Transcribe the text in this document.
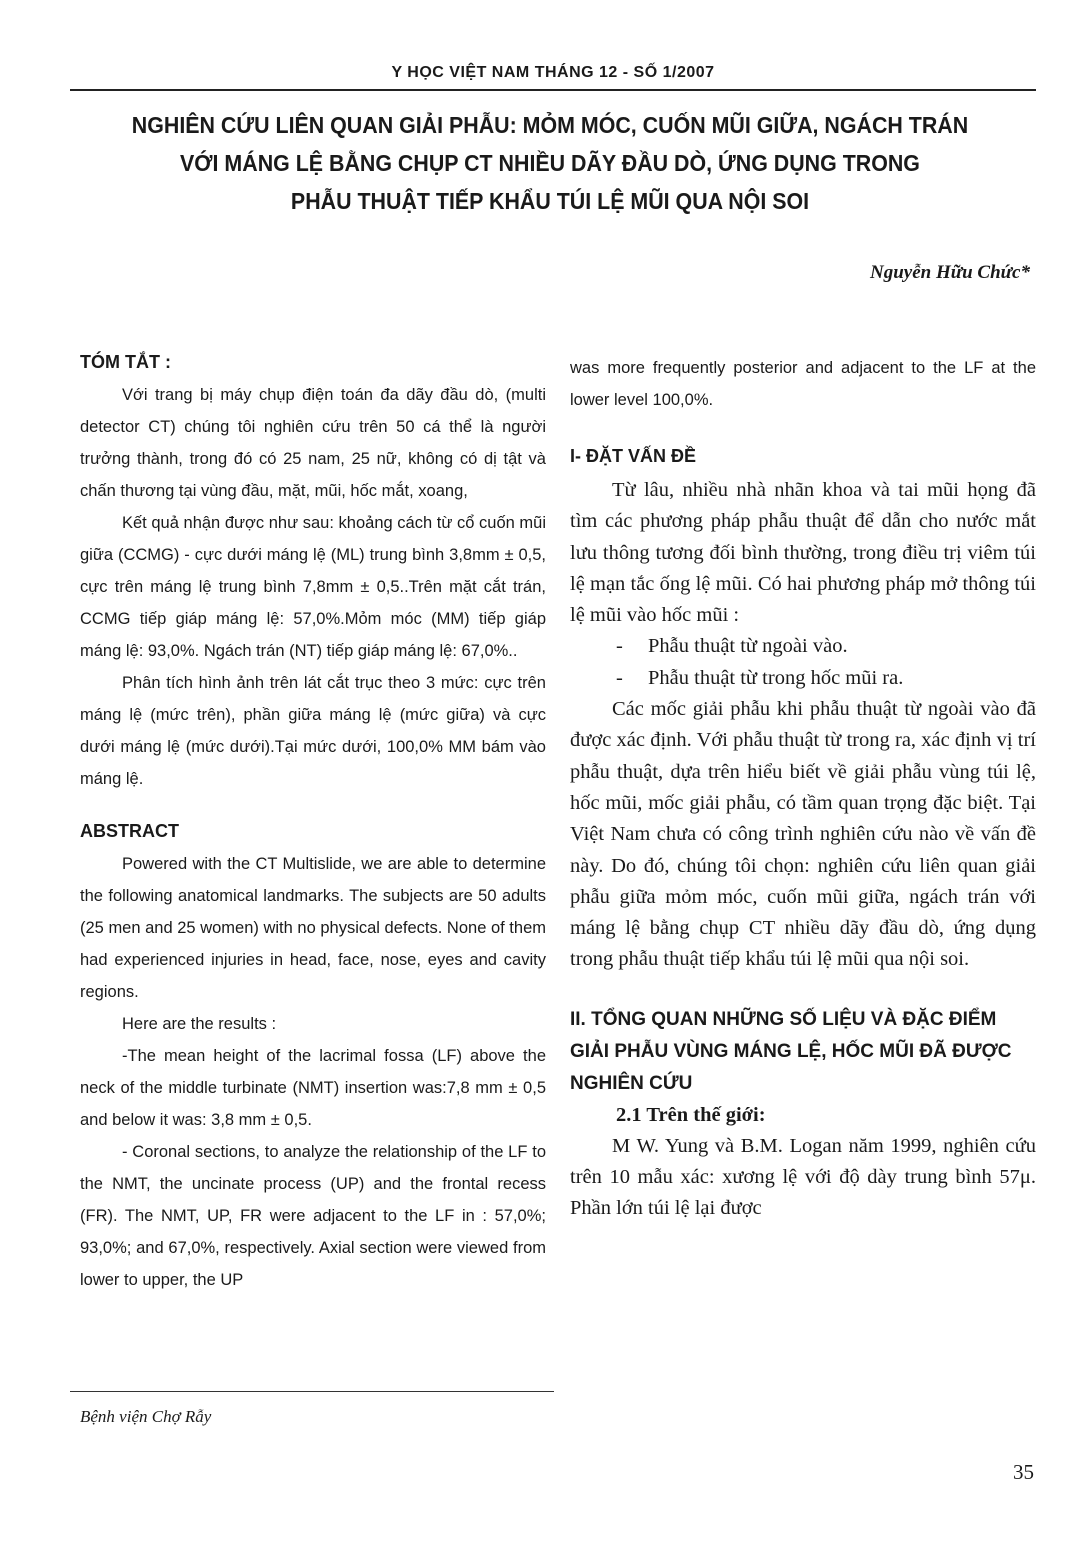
Y HỌC VIỆT NAM THÁNG 12 - SỐ 1/2007
NGHIÊN CỨU LIÊN QUAN GIẢI PHẪU: MỎM MÓC, CUỐN MŨI GIỮA, NGÁCH TRÁN
VỚI MÁNG LỆ BẰNG CHỤP CT NHIỀU DÃY ĐẦU DÒ, ỨNG DỤNG TRONG
PHẪU THUẬT TIẾP KHẨU TÚI LỆ MŨI QUA NỘI SOI
Nguyễn Hữu Chức*
TÓM TẮT :

Với trang bị máy chụp điện toán đa dãy đầu dò, (multi detector CT) chúng tôi nghiên cứu trên 50 cá thể là người trưởng thành, trong đó có 25 nam, 25 nữ, không có dị tật và chấn thương tại vùng đầu, mặt, mũi, hốc mắt, xoang,

Kết quả nhận được như sau: khoảng cách từ cổ cuốn mũi giữa (CCMG) - cực dưới máng lệ (ML) trung bình 3,8mm ± 0,5, cực trên máng lệ trung bình 7,8mm ± 0,5..Trên mặt cắt trán, CCMG tiếp giáp máng lệ: 57,0%.Mỏm móc (MM) tiếp giáp máng lệ: 93,0%. Ngách trán (NT) tiếp giáp máng lệ: 67,0%..

Phân tích hình ảnh trên lát cắt trục theo 3 mức: cực trên máng lệ (mức trên), phần giữa máng lệ (mức giữa) và cực dưới máng lệ (mức dưới).Tại mức dưới, 100,0% MM bám vào máng lệ.

ABSTRACT

Powered with the CT Multislide, we are able to determine the following anatomical landmarks. The subjects are 50 adults (25 men and 25 women) with no physical defects. None of them had experienced injuries in head, face, nose, eyes and cavity regions.

Here are the results :

-The mean height of the lacrimal fossa (LF) above the neck of the middle turbinate (NMT) insertion was:7,8 mm ± 0,5 and below it was: 3,8 mm ± 0,5.

- Coronal sections, to analyze the relationship of the LF to the NMT, the uncinate process (UP) and the frontal recess (FR). The NMT, UP, FR were adjacent to the LF in : 57,0%; 93,0%; and 67,0%, respectively. Axial section were viewed from lower to upper, the UP

was more frequently posterior and adjacent to the LF at the lower level 100,0%.

I- ĐẶT VẤN ĐỀ

Từ lâu, nhiều nhà nhãn khoa và tai mũi họng đã tìm các phương pháp phẫu thuật để dẫn cho nước mắt lưu thông tương đối bình thường, trong điều trị viêm túi lệ mạn tắc ống lệ mũi. Có hai phương pháp mở thông túi lệ mũi vào hốc mũi :

- Phẫu thuật từ ngoài vào.
- Phẫu thuật từ trong hốc mũi ra.

Các mốc giải phẫu khi phẫu thuật từ ngoài vào đã được xác định. Với phẫu thuật từ trong ra, xác định vị trí phẫu thuật, dựa trên hiểu biết về giải phẫu vùng túi lệ, hốc mũi, mốc giải phẫu, có tầm quan trọng đặc biệt. Tại Việt Nam chưa có công trình nghiên cứu nào về vấn đề này. Do đó, chúng tôi chọn: nghiên cứu liên quan giải phẫu giữa mỏm móc, cuốn mũi giữa, ngách trán với máng lệ bằng chụp CT nhiều dãy đầu dò, ứng dụng trong phẫu thuật tiếp khẩu túi lệ mũi qua nội soi.

II. TỔNG QUAN NHỮNG SỐ LIỆU VÀ ĐẶC ĐIỂM GIẢI PHẪU VÙNG MÁNG LỆ, HỐC MŨI ĐÃ ĐƯỢC NGHIÊN CỨU

2.1 Trên thế giới:

M W. Yung và B.M. Logan năm 1999, nghiên cứu trên 10 mẫu xác: xương lệ với độ dày trung bình 57μ. Phần lớn túi lệ lại được

Bệnh viện Chợ Rẫy
35
